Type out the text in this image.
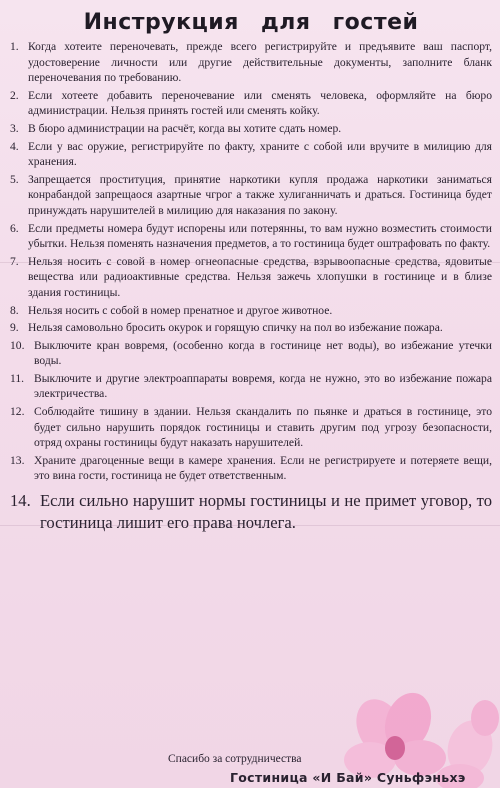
Инструкция для гостей
1. Когда хотеите переночевать, прежде всего регистрируйте и предъявите ваш паспорт, удостоверение личности или другие действительные документы, заполните бланк переночевания по требованию.
2. Если хотеете добавить переночевание или сменять человека, оформляйте на бюро администрации. Нельзя принять гостей или сменять койку.
3. В бюро администрации на расчёт, когда вы хотите сдать номер.
4. Если у вас оружие, регистрируйте по факту, храните с собой или вручите в милицию для хранения.
5. Запрещается проституция, принятие наркотики купля продажа наркотики заниматься конрабандой запрещаося азартные чгрог а также хулиганничать и драться. Гостиница будет принуждать нарушителей в милицию для наказания по закону.
6. Если предметы номера будут испорены или потерянны, то вам нужно возместить стоимости убытки. Нельзя поменять назначения предметов, а то гостиница будет оштрафовать по факту.
7. Нельзя носить с совой в номер огнеопасные средства, взрывоопасные средства, ядовитые вещества или радиоактивные средства. Нельзя зажечь хлопушки в гостинице и в близе здания гостиницы.
8. Нельзя носить с собой в номер пренатное и другое животное.
9. Нельзя самовольно бросить окурок и горящую спичку на пол во избежание пожара.
10. Выключите кран вовремя, (особенно когда в гостинице нет воды), во избежание утечки воды.
11. Выключите и другие электроаппараты вовремя, когда не нужно, это во избежание пожара электричества.
12. Соблюдайте тишину в здании. Нельзя скандалить по пьянке и драться в гостинице, это будет сильно нарушить порядок гостиницы и ставить другим под угрозу безопасности, отряд охраны гостиницы будут наказать нарушителей.
13. Храните драгоценные вещи в камере хранения. Если не регистрируете и потеряете вещи, это вина гости, гостиница не будет ответственным.
14. Если сильно нарушит нормы гостиницы и не примет уговор, то гостиница лишит его права ночлега.
Спасибо за сотрудничества
Гостиница «И Бай» Суньфэньхэ
